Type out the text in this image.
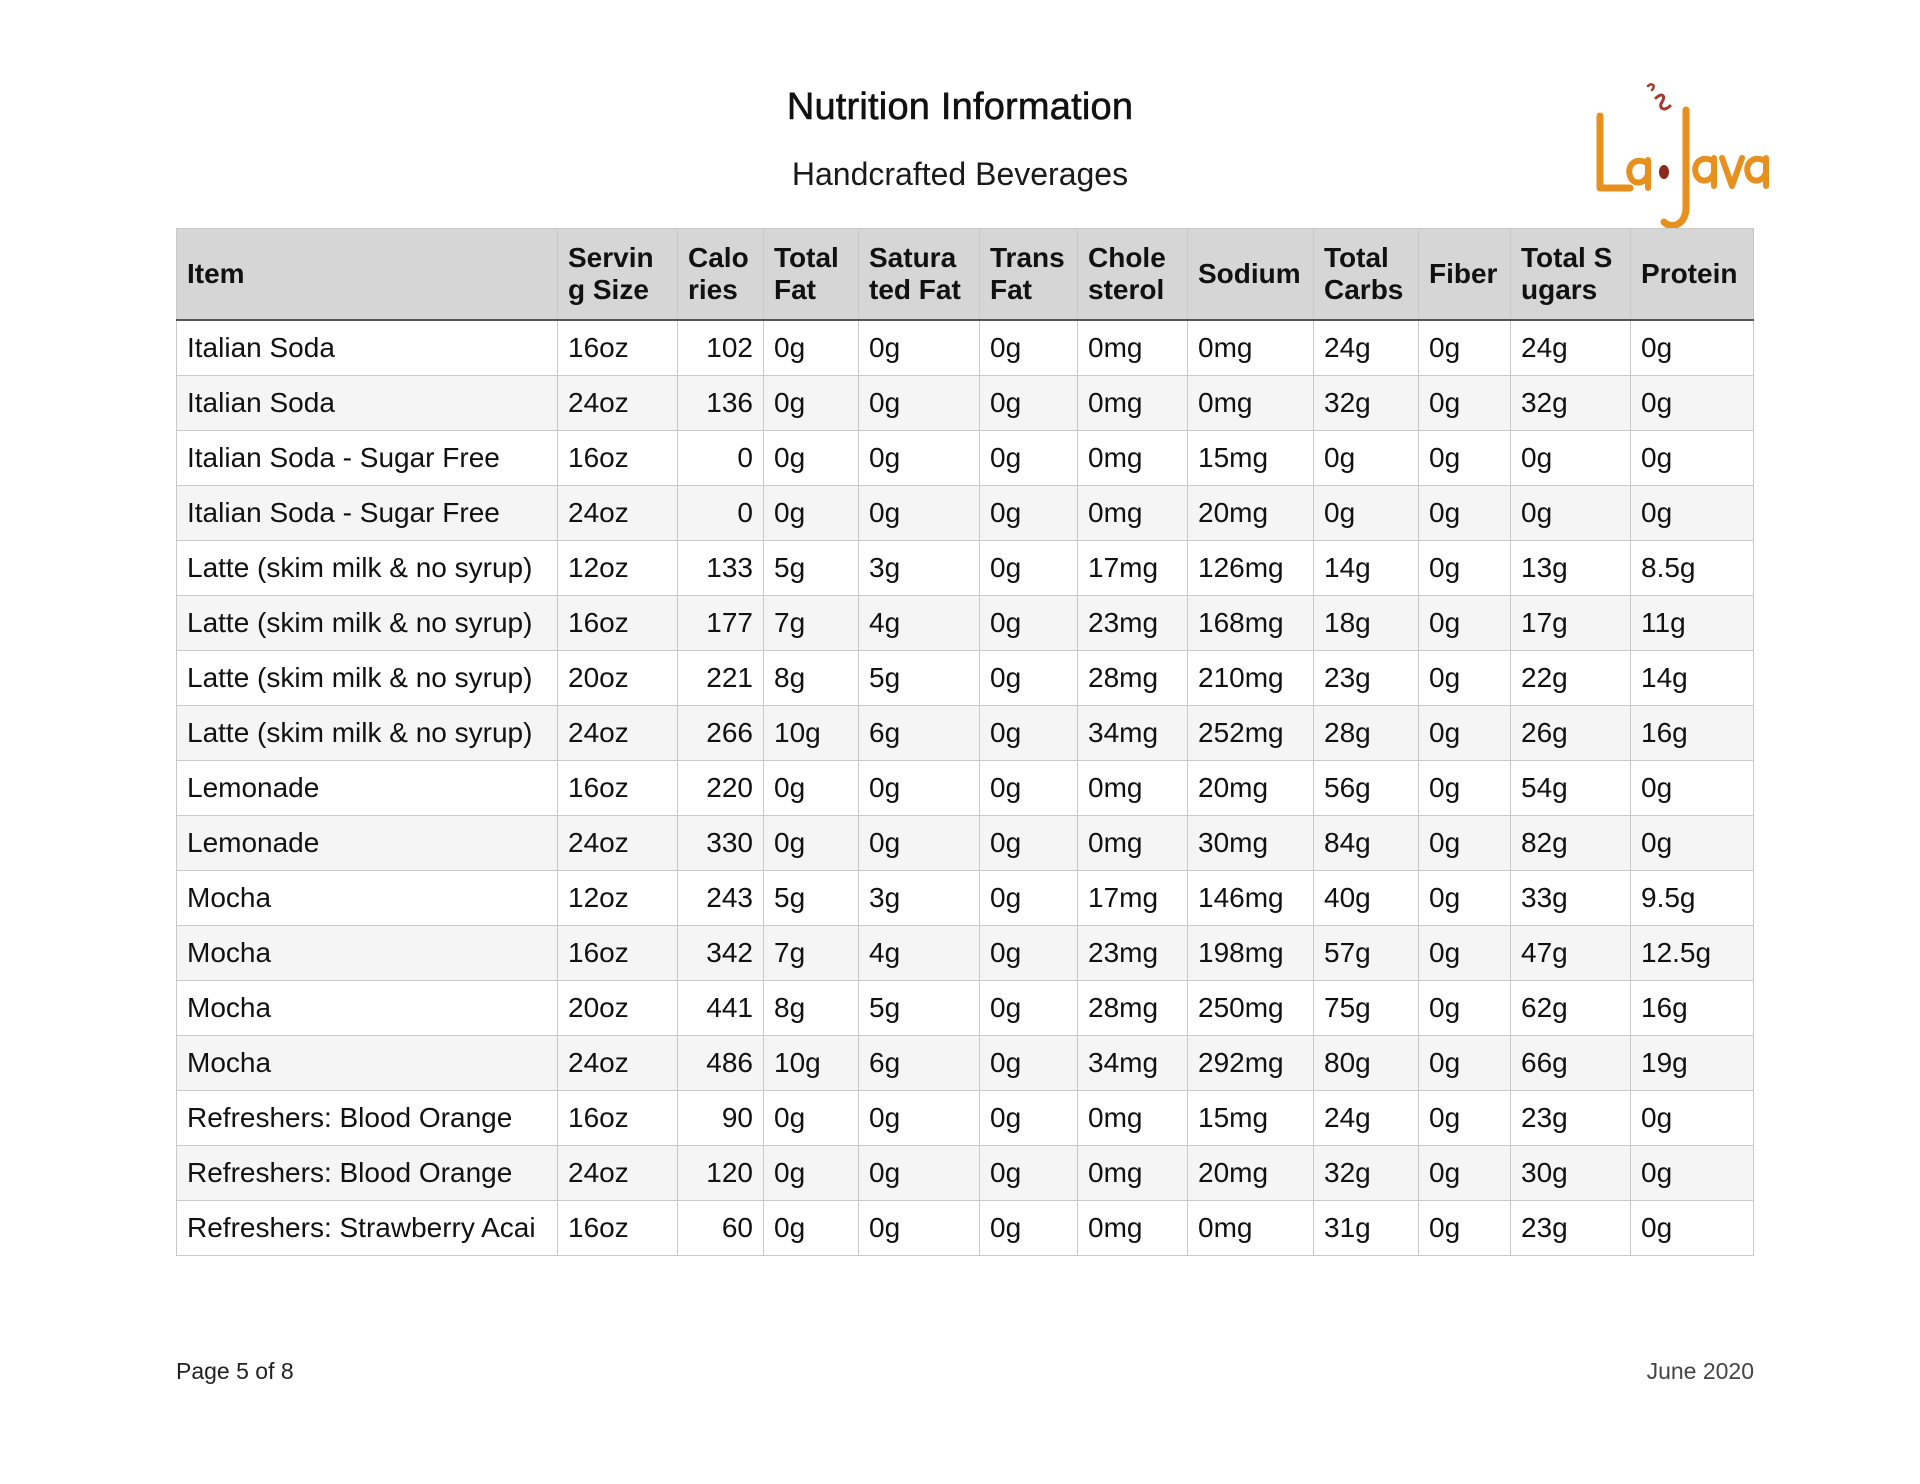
Nutrition Information
Handcrafted Beverages
Item	Serving Size	Calo ries	Total Fat	Satura ted Fat	Trans Fat	Chole sterol	Sodium	Total Carbs	Fiber	Total Sugars	Protein
Italian Soda	16oz	102	0g	0g	0g	0mg	0mg	24g	0g	24g	0g
Italian Soda	24oz	136	0g	0g	0g	0mg	0mg	32g	0g	32g	0g
Italian Soda - Sugar Free	16oz	0	0g	0g	0g	0mg	15mg	0g	0g	0g	0g
Italian Soda - Sugar Free	24oz	0	0g	0g	0g	0mg	20mg	0g	0g	0g	0g
Latte (skim milk & no syrup)	12oz	133	5g	3g	0g	17mg	126mg	14g	0g	13g	8.5g
Latte (skim milk & no syrup)	16oz	177	7g	4g	0g	23mg	168mg	18g	0g	17g	11g
Latte (skim milk & no syrup)	20oz	221	8g	5g	0g	28mg	210mg	23g	0g	22g	14g
Latte (skim milk & no syrup)	24oz	266	10g	6g	0g	34mg	252mg	28g	0g	26g	16g
Lemonade	16oz	220	0g	0g	0g	0mg	20mg	56g	0g	54g	0g
Lemonade	24oz	330	0g	0g	0g	0mg	30mg	84g	0g	82g	0g
Mocha	12oz	243	5g	3g	0g	17mg	146mg	40g	0g	33g	9.5g
Mocha	16oz	342	7g	4g	0g	23mg	198mg	57g	0g	47g	12.5g
Mocha	20oz	441	8g	5g	0g	28mg	250mg	75g	0g	62g	16g
Mocha	24oz	486	10g	6g	0g	34mg	292mg	80g	0g	66g	19g
Refreshers: Blood Orange	16oz	90	0g	0g	0g	0mg	15mg	24g	0g	23g	0g
Refreshers: Blood Orange	24oz	120	0g	0g	0g	0mg	20mg	32g	0g	30g	0g
Refreshers: Strawberry Acai	16oz	60	0g	0g	0g	0mg	0mg	31g	0g	23g	0g
Page 5 of 8	June 2020
